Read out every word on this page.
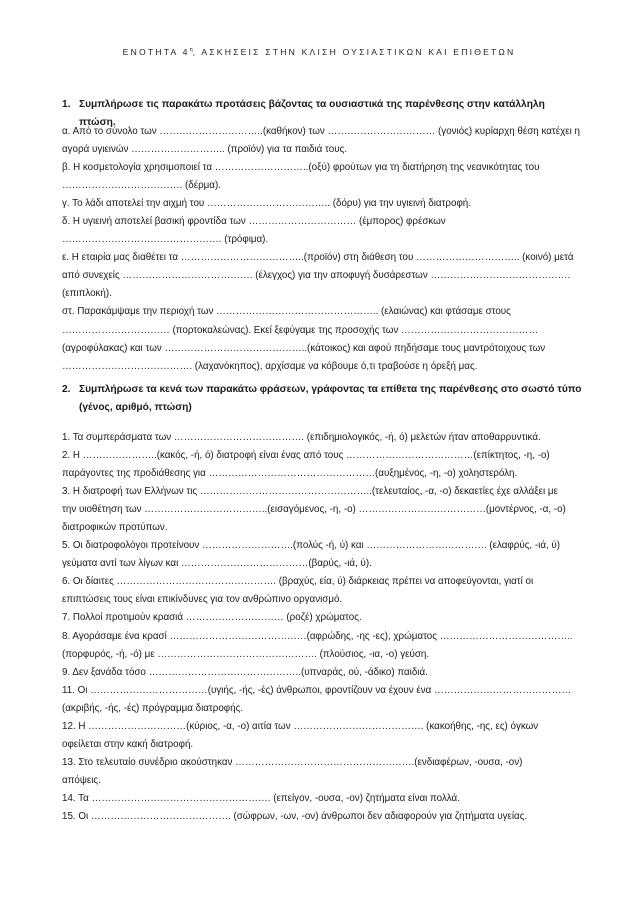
ΕΝΟΤΗΤΑ $4^\eta$, ΑΣΚΗΣΕΙΣ ΣΤΗΝ ΚΛΙΣΗ ΟΥΣΙΑΣΤΙΚΩΝ ΚΑΙ ΕΠΙΘΕΤΩΝ
1. Συμπλήρωσε τις παρακάτω προτάσεις βάζοντας τα ουσιαστικά της παρένθεσης στην κατάλληλη πτώση.
α. Από το σύνολο των …………………………..(καθήκον) των …………………………… (γονιός) κυρίαρχη θέση κατέχει η
αγορά υγιεινών ……………………….. (προϊόν) για τα παιδιά τους.
β. Η κοσμετολογία χρησιμοποιεί τα ………………………..(οξύ) φρούτων για τη διατήρηση της νεανικότητας του
………………………………. (δέρμα).
γ. Το λάδι αποτελεί την αιχμή του ……………………………….. (δόρυ) για την υγιεινή διατροφή.
δ. Η υγιεινή αποτελεί βασική φροντίδα των …………………………… (έμπορος) φρέσκων
…………………………………………. (τρόφιμα).
ε. Η εταιρία μας διαθέτει τα ………………………………..(προϊόν) στη διάθεση του ………………………….. (κοινό) μετά
από συνεχείς …………………………………. (έλεγχος) για την αποφυγή δυσάρεστων …………………………………….
(επιπλοκή).
στ. Παρακάμψαμε την περιοχή των ………………………………………….. (ελαιώνας) και φτάσαμε στους
…………………………… (πορτοκαλεώνας). Εκεί ξεφύγαμε της προσοχής των ……………………………………
(αγροφύλακας) και των ……………………………………..(κάτοικος) και αφού πηδήσαμε τους μαντρότοιχους των
…………………………………. (λαχανόκηπος), αρχίσαμε να κόβουμε ό,τι τραβούσε η όρεξή μας.
2. Συμπλήρωσε τα κενά των παρακάτω φράσεων, γράφοντας τα επίθετα της παρένθεσης στο σωστό τύπο (γένος, αριθμό, πτώση)
1. Τα συμπεράσματα των …………………………………. (επιδημιολογικός, -ή, ό) μελετών ήταν αποθαρρυντικά.
2. Η …………………..(κακός, -ή, ό) διατροφή είναι ένας από τους …………………………………(επίκτητος, -η, -ο)
παράγοντες της προδιάθεσης για ……………………………………………(αυξημένος, -η, -ο) χοληστερόλη.
3. Η διατροφή των Ελλήνων τις ……………………………………………..(τελευταίος, -α, -ο) δεκαετίες έχε αλλάξει με
την υιοθέτηση των ………………………………..(εισαγόμενος, -η, -ο) …………………………………(μοντέρνος, -α, -ο)
διατροφικών προτύπων.
5. Οι διατροφολόγοι προτείνουν ……………………….(πολύς -ή, ύ) και ………………………………. (ελαφρύς, -ιά, ύ)
γεύματα αντί των λίγων και …………………………………(βαρύς, -ιά, ύ).
6. Οι δίαιτες …………………………………………. (βραχύς, εία, ύ) διάρκειας πρέπει να αποφεύγονται, γιατί οι
επιπτώσεις τους είναι επικίνδυνες για τον ανθρώπινο οργανισμό.
7. Πολλοί προτιμούν κρασιά ………………………… (ροζέ) χρώματος.
8. Αγοράσαμε ένα κρασί ……………………………………(αφρώδης, -ης -ες), χρώματος …………………………………..
(πορφυρός, -ή, -ό) με …………………………………………. (πλούσιος, -ια, -ο) γεύση.
9. Δεν ξανάδα τόσο ………………………………………..(υπναράς, ού, -άδικο) παιδιά.
11. Οι ………………………………(υγιής, -ής, -ές) άνθρωποι, φροντίζουν να έχουν ένα ……………………………………
(ακριβής, -ής, -ές) πρόγραμμα διατροφής.
12. Η …………………………(κύριος, -α, -ο) αιτία των …………………………………. (κακοήθης, -ης, ες) όγκων
οφείλεται στην κακή διατροφή.
13. Στο τελευταίο συνέδριο ακούστηκαν ……………………………………………….(ενδιαφέρων, -ουσα, -ον)
απόψεις.
14. Τα ………………………………………………. (επείγον, -ουσα, -ον) ζητήματα είναι πολλά.
15. Οι ……………………………………. (σώφρων, -ων, -ον) άνθρωποι δεν αδιαφορούν για ζητήματα υγείας.
